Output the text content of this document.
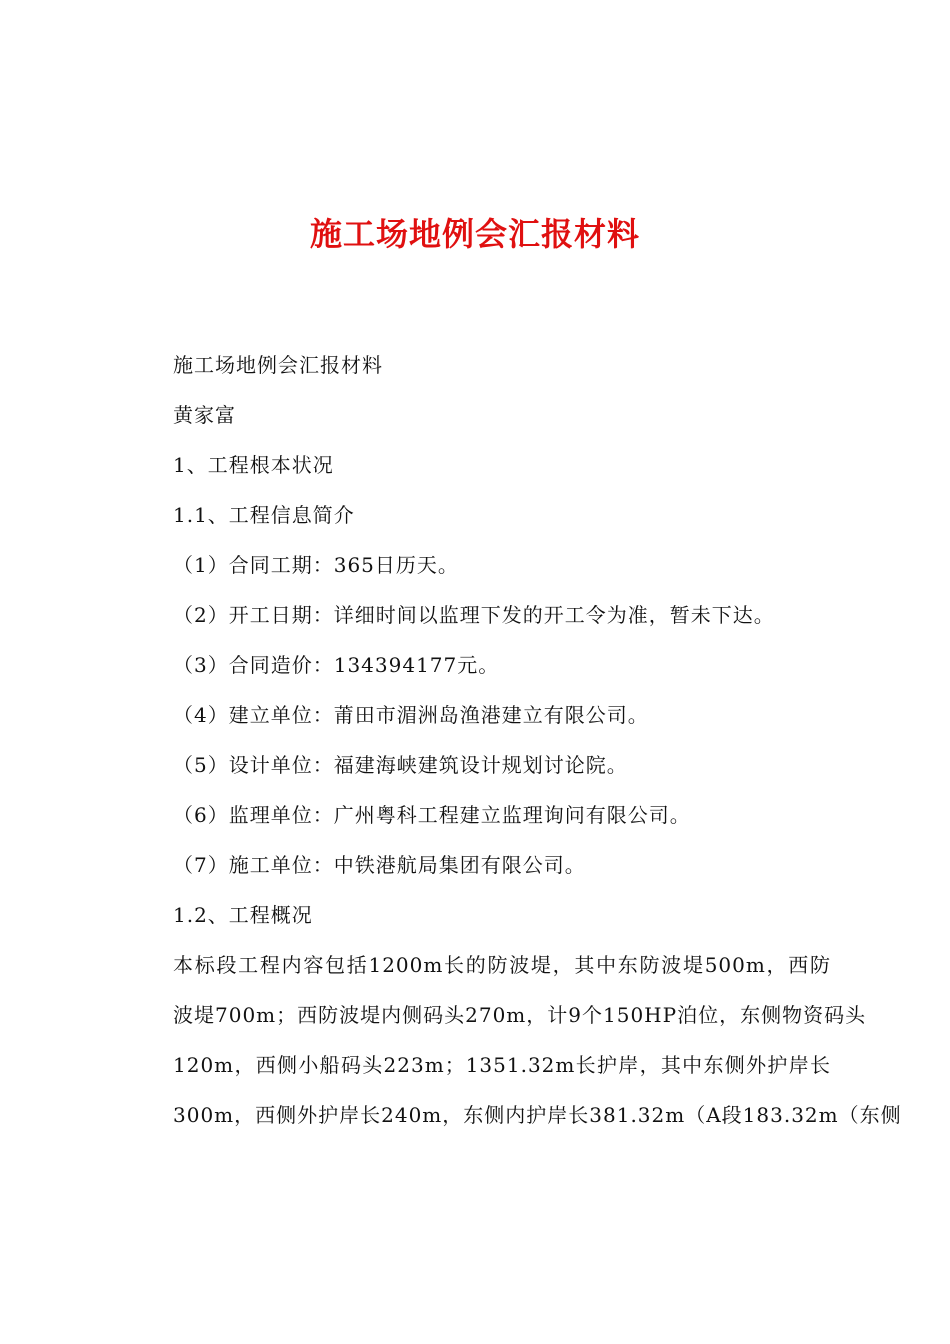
施工场地例会汇报材料
施工场地例会汇报材料
黄家富
1、工程根本状况
1.1、工程信息简介
（1）合同工期：365日历天。
（2）开工日期：详细时间以监理下发的开工令为准，暂未下达。
（3）合同造价：134394177元。
（4）建立单位：莆田市湄洲岛渔港建立有限公司。
（5）设计单位：福建海峡建筑设计规划讨论院。
（6）监理单位：广州粤科工程建立监理询问有限公司。
（7）施工单位：中铁港航局集团有限公司。
1.2、工程概况
本标段工程内容包括1200m长的防波堤，其中东防波堤500m，西防
波堤700m；西防波堤内侧码头270m，计9个150HP泊位，东侧物资码头
120m，西侧小船码头223m；1351.32m长护岸，其中东侧外护岸长
300m，西侧外护岸长240m，东侧内护岸长381.32m（A段183.32m（东侧
